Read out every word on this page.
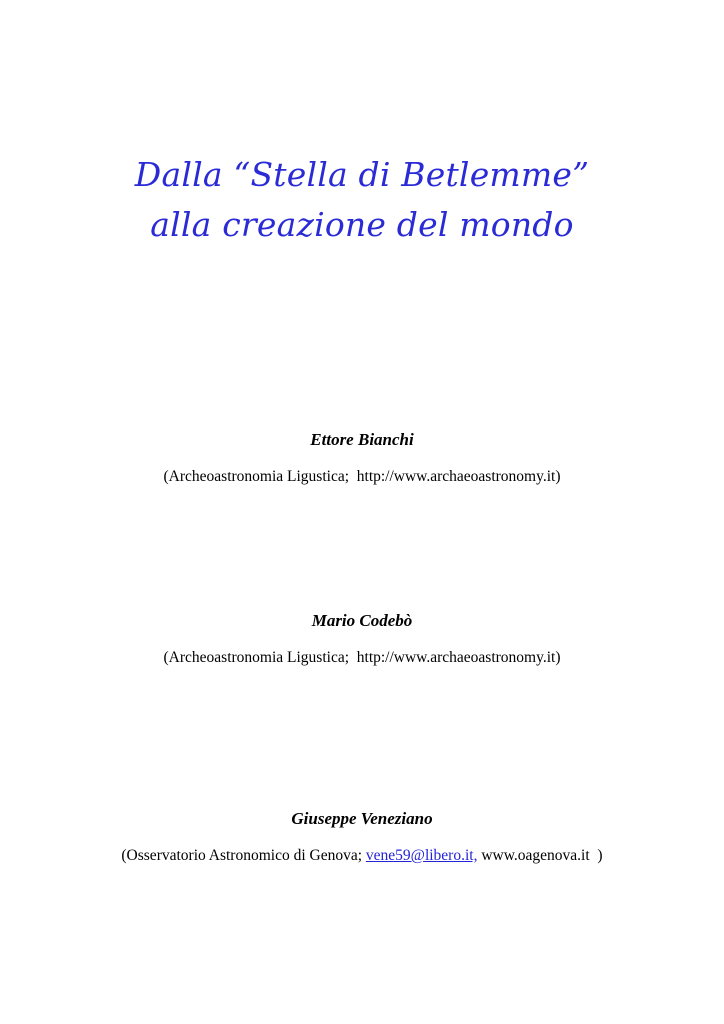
Dalla “Stella di Betlemme”
alla creazione del mondo
Ettore Bianchi
(Archeoastronomia Ligustica;  http://www.archaeoastronomy.it)
Mario Codebò
(Archeoastronomia Ligustica;  http://www.archaeoastronomy.it)
Giuseppe Veneziano
(Osservatorio Astronomico di Genova; vene59@libero.it, www.oagenova.it  )
